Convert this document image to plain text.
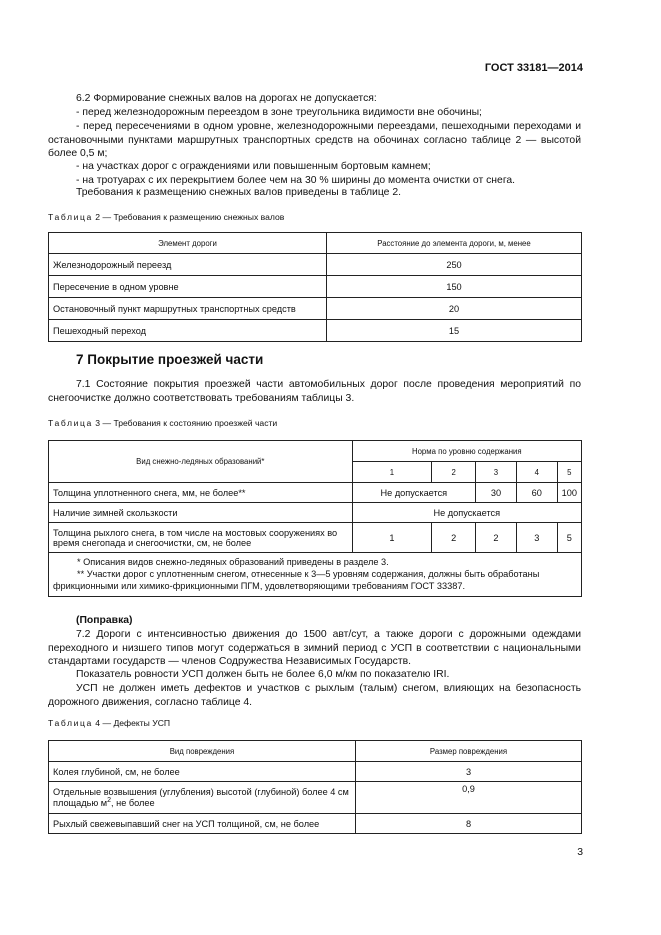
ГОСТ 33181—2014
6.2 Формирование снежных валов на дорогах не допускается:
- перед железнодорожным переездом в зоне треугольника видимости вне обочины;
- перед пересечениями в одном уровне, железнодорожными переездами, пешеходными переходами и остановочными пунктами маршрутных транспортных средств на обочинах согласно таблице 2 — высотой более 0,5 м;
- на участках дорог с ограждениями или повышенным бортовым камнем;
- на тротуарах с их перекрытием более чем на 30 % ширины до момента очистки от снега.
Требования к размещению снежных валов приведены в таблице 2.
Таблица 2 — Требования к размещению снежных валов
Элемент дороги	Расстояние до элемента дороги, м, менее
Железнодорожный переезд	250
Пересечение в одном уровне	150
Остановочный пункт маршрутных транспортных средств	20
Пешеходный переход	15
7 Покрытие проезжей части
7.1 Состояние покрытия проезжей части автомобильных дорог после проведения мероприятий по снегоочистке должно соответствовать требованиям таблицы 3.
Таблица 3 — Требования к состоянию проезжей части
Вид снежно-ледяных образований*	Норма по уровню содержания				
	1	2	3	4	5
Толщина уплотненного снега, мм, не более**	Не допускается		30	60	100
Наличие зимней скользкости	Не допускается				
Толщина рыхлого снега, в том числе на мостовых сооружениях во время снегопада и снегоочистки, см, не более	1	2	2	3	5

* Описания видов снежно-ледяных образований приведены в разделе 3.
** Участки дорог с уплотненным снегом, отнесенные к 3—5 уровням содержания, должны быть обработаны фрикционными или химико-фрикционными ПГМ, удовлетворяющими требованиям ГОСТ 33387.					
(Поправка)
7.2 Дороги с интенсивностью движения до 1500 авт/сут, а также дороги с дорожными одеждами переходного и низшего типов могут содержаться в зимний период с УСП в соответствии с национальными стандартами государств — членов Содружества Независимых Государств.
Показатель ровности УСП должен быть не более 6,0 м/км по показателю IRI.
УСП не должен иметь дефектов и участков с рыхлым (талым) снегом, влияющих на безопасность дорожного движения, согласно таблице 4.
Таблица 4 — Дефекты УСП
Вид повреждения	Размер повреждения
Колея глубиной, см, не более	3
Отдельные возвышения (углубления) высотой (глубиной) более 4 см площадью $м^2$, не более	0,9
Рыхлый свежевыпавший снег на УСП толщиной, см, не более	8
3
